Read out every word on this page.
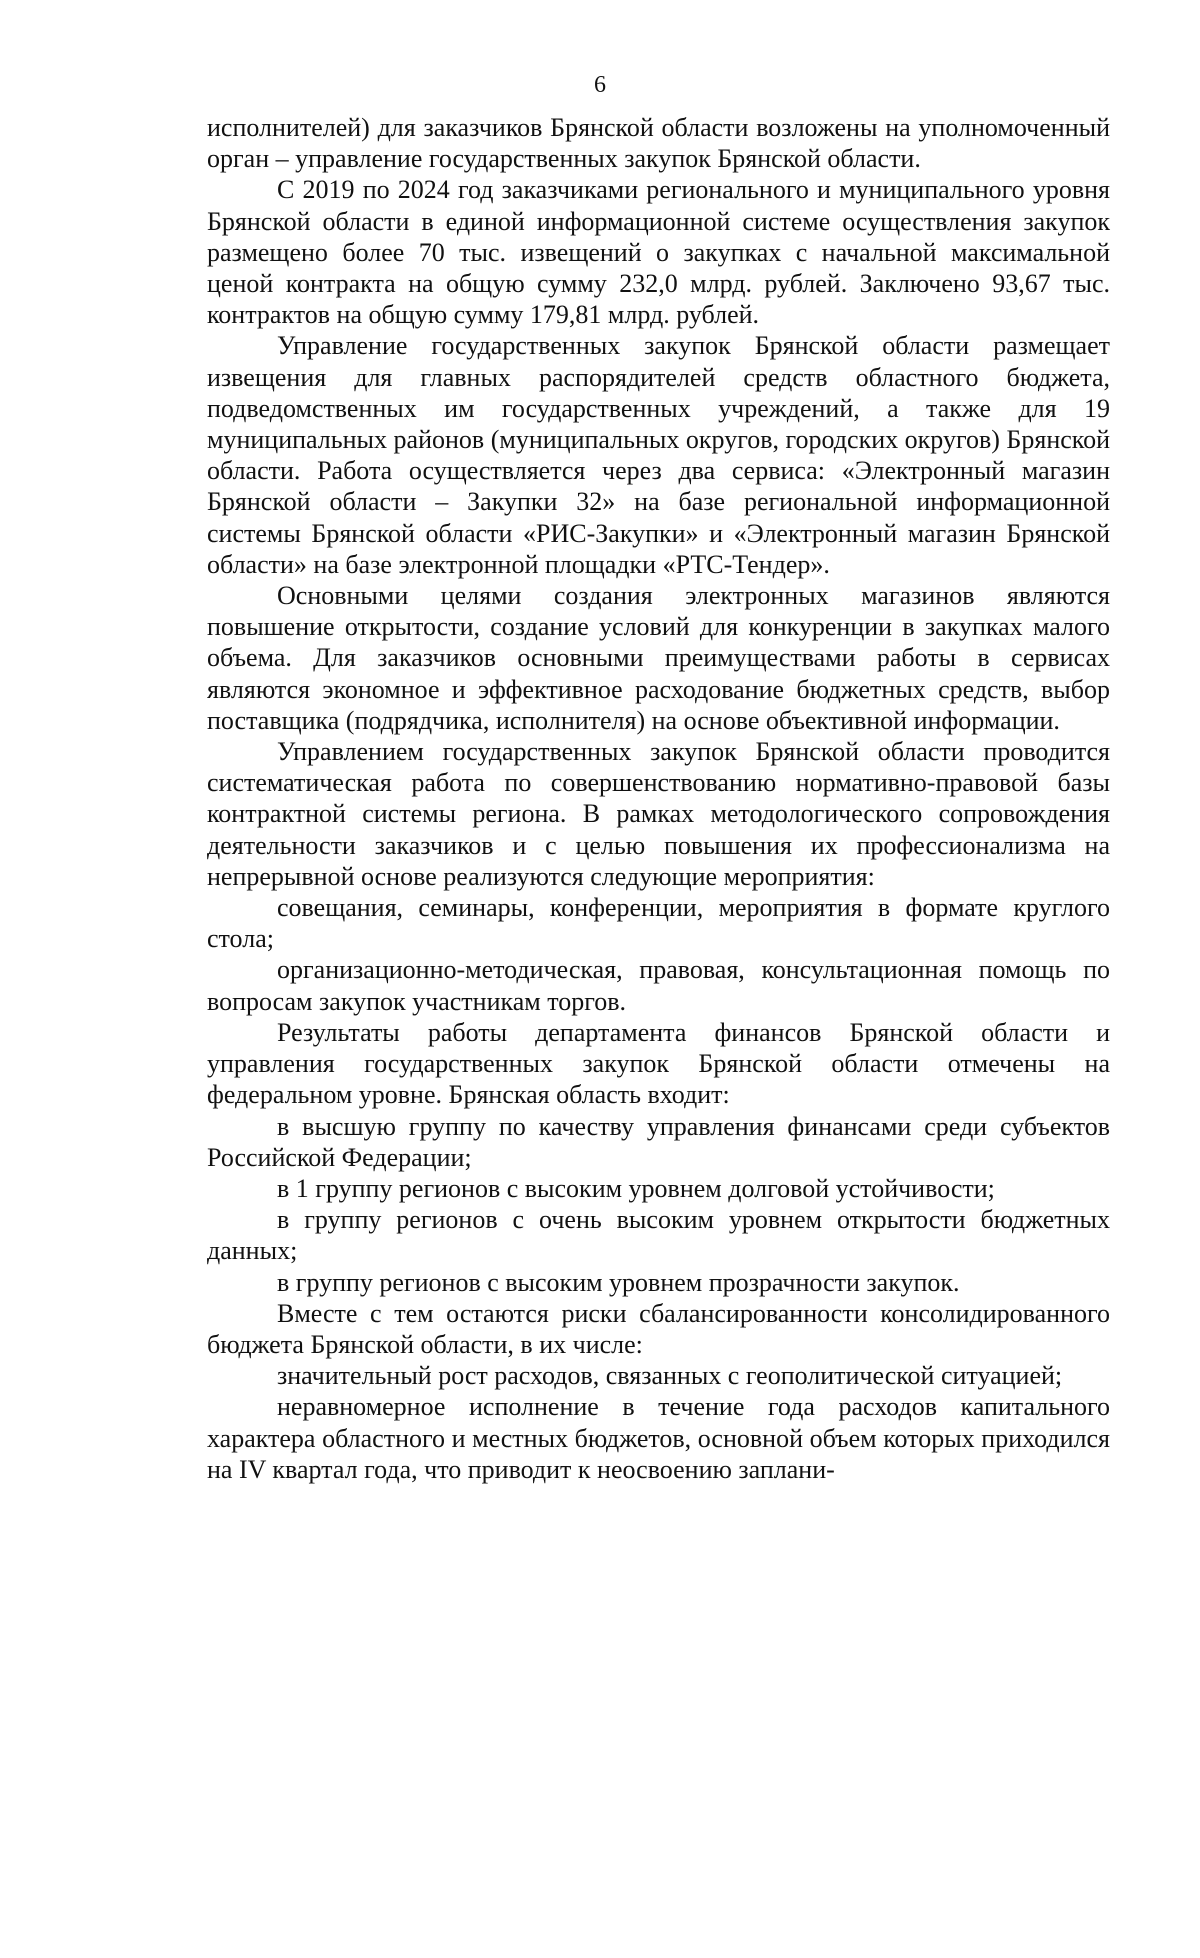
6

исполнителей) для заказчиков Брянской области возложены на уполномоченный орган – управление государственных закупок Брянской области.

С 2019 по 2024 год заказчиками регионального и муниципального уровня Брянской области в единой информационной системе осуществления закупок размещено более 70 тыс. извещений о закупках с начальной максимальной ценой контракта на общую сумму 232,0 млрд. рублей. Заключено 93,67 тыс. контрактов на общую сумму 179,81 млрд. рублей.

Управление государственных закупок Брянской области размещает извещения для главных распорядителей средств областного бюджета, подведомственных им государственных учреждений, а также для 19 муниципальных районов (муниципальных округов, городских округов) Брянской области. Работа осуществляется через два сервиса: «Электронный магазин Брянской области – Закупки 32» на базе региональной информационной системы Брянской области «РИС-Закупки» и «Электронный магазин Брянской области» на базе электронной площадки «РТС-Тендер».

Основными целями создания электронных магазинов являются повышение открытости, создание условий для конкуренции в закупках малого объема. Для заказчиков основными преимуществами работы в сервисах являются экономное и эффективное расходование бюджетных средств, выбор поставщика (подрядчика, исполнителя) на основе объективной информации.

Управлением государственных закупок Брянской области проводится систематическая работа по совершенствованию нормативно-правовой базы контрактной системы региона. В рамках методологического сопровождения деятельности заказчиков и с целью повышения их профессионализма на непрерывной основе реализуются следующие мероприятия:

совещания, семинары, конференции, мероприятия в формате круглого стола;

организационно-методическая, правовая, консультационная помощь по вопросам закупок участникам торгов.

Результаты работы департамента финансов Брянской области и управления государственных закупок Брянской области отмечены на федеральном уровне. Брянская область входит:

в высшую группу по качеству управления финансами среди субъектов Российской Федерации;

в 1 группу регионов с высоким уровнем долговой устойчивости;

в группу регионов с очень высоким уровнем открытости бюджетных данных;

в группу регионов с высоким уровнем прозрачности закупок.

Вместе с тем остаются риски сбалансированности консолидированного бюджета Брянской области, в их числе:

значительный рост расходов, связанных с геополитической ситуацией;

неравномерное исполнение в течение года расходов капитального характера областного и местных бюджетов, основной объем которых приходился на IV квартал года, что приводит к неосвоению заплани-
